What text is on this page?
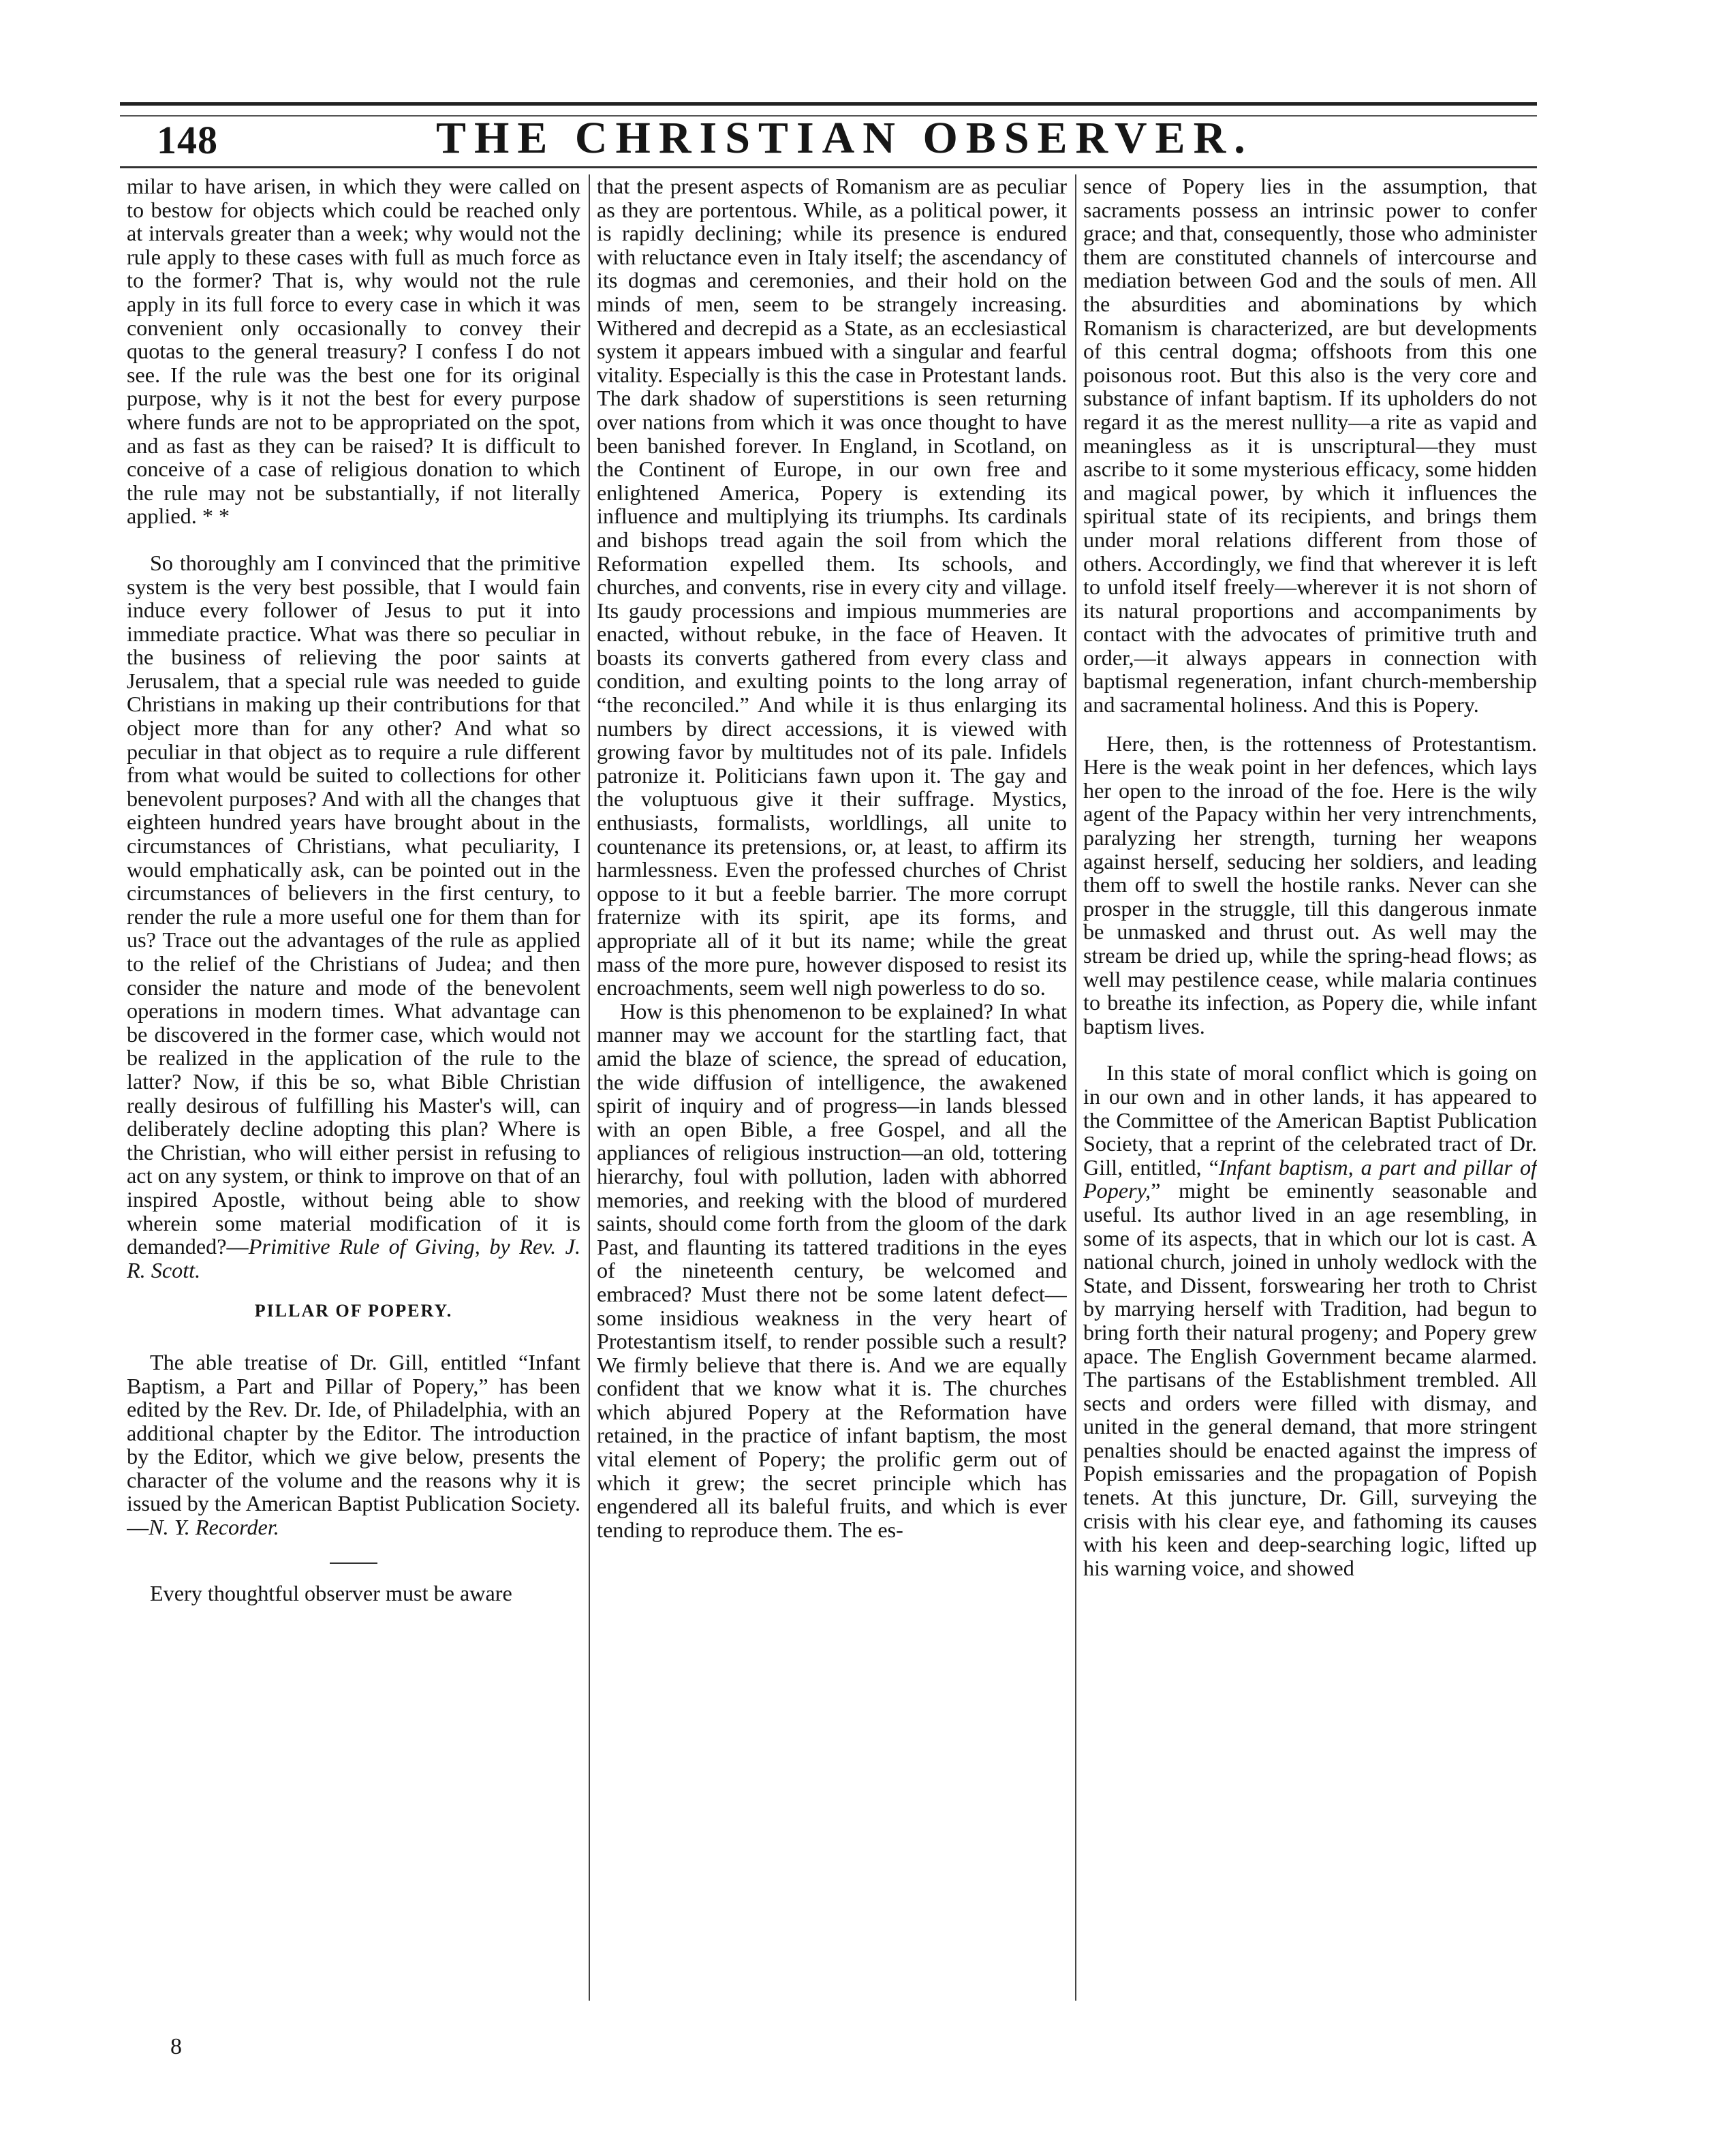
148	THE CHRISTIAN OBSERVER.

milar to have arisen, in which they were called on to bestow for objects which could be reached only at intervals greater than a week; why would not the rule apply to these cases with full as much force as to the former? That is, why would not the rule apply in its full force to every case in which it was convenient only occasionally to convey their quotas to the general treasury? I confess I do not see. If the rule was the best one for its original purpose, why is it not the best for every purpose where funds are not to be appropriated on the spot, and as fast as they can be raised? It is difficult to conceive of a case of religious donation to which the rule may not be substantially, if not literally applied. * *

So thoroughly am I convinced that the primitive system is the very best possible, that I would fain induce every follower of Jesus to put it into immediate practice. What was there so peculiar in the business of relieving the poor saints at Jerusalem, that a special rule was needed to guide Christians in making up their contributions for that object more than for any other? And what so peculiar in that object as to require a rule different from what would be suited to collections for other benevolent purposes? And with all the changes that eighteen hundred years have brought about in the circumstances of Christians, what peculiarity, I would emphatically ask, can be pointed out in the circumstances of believers in the first century, to render the rule a more useful one for them than for us? Trace out the advantages of the rule as applied to the relief of the Christians of Judea; and then consider the nature and mode of the benevolent operations in modern times. What advantage can be discovered in the former case, which would not be realized in the application of the rule to the latter? Now, if this be so, what Bible Christian really desirous of fulfilling his Master's will, can deliberately decline adopting this plan? Where is the Christian, who will either persist in refusing to act on any system, or think to improve on that of an inspired Apostle, without being able to show wherein some material modification of it is demanded?—Primitive Rule of Giving, by Rev. J. R. Scott.

PILLAR OF POPERY.

The able treatise of Dr. Gill, entitled “Infant Baptism, a Part and Pillar of Popery,” has been edited by the Rev. Dr. Ide, of Philadelphia, with an additional chapter by the Editor. The introduction by the Editor, which we give below, presents the character of the volume and the reasons why it is issued by the American Baptist Publication Society.—N. Y. Recorder.

Every thoughtful observer must be aware

that the present aspects of Romanism are as peculiar as they are portentous. While, as a political power, it is rapidly declining; while its presence is endured with reluctance even in Italy itself; the ascendancy of its dogmas and ceremonies, and their hold on the minds of men, seem to be strangely increasing. Withered and decrepid as a State, as an ecclesiastical system it appears imbued with a singular and fearful vitality. Especially is this the case in Protestant lands. The dark shadow of superstitions is seen returning over nations from which it was once thought to have been banished forever. In England, in Scotland, on the Continent of Europe, in our own free and enlightened America, Popery is extending its influence and multiplying its triumphs. Its cardinals and bishops tread again the soil from which the Reformation expelled them. Its schools, and churches, and convents, rise in every city and village. Its gaudy processions and impious mummeries are enacted, without rebuke, in the face of Heaven. It boasts its converts gathered from every class and condition, and exulting points to the long array of “the reconciled.” And while it is thus enlarging its numbers by direct accessions, it is viewed with growing favor by multitudes not of its pale. Infidels patronize it. Politicians fawn upon it. The gay and the voluptuous give it their suffrage. Mystics, enthusiasts, formalists, worldlings, all unite to countenance its pretensions, or, at least, to affirm its harmlessness. Even the professed churches of Christ oppose to it but a feeble barrier. The more corrupt fraternize with its spirit, ape its forms, and appropriate all of it but its name; while the great mass of the more pure, however disposed to resist its encroachments, seem well nigh powerless to do so.

How is this phenomenon to be explained? In what manner may we account for the startling fact, that amid the blaze of science, the spread of education, the wide diffusion of intelligence, the awakened spirit of inquiry and of progress—in lands blessed with an open Bible, a free Gospel, and all the appliances of religious instruction—an old, tottering hierarchy, foul with pollution, laden with abhorred memories, and reeking with the blood of murdered saints, should come forth from the gloom of the dark Past, and flaunting its tattered traditions in the eyes of the nineteenth century, be welcomed and embraced? Must there not be some latent defect—some insidious weakness in the very heart of Protestantism itself, to render possible such a result? We firmly believe that there is. And we are equally confident that we know what it is. The churches which abjured Popery at the Reformation have retained, in the practice of infant baptism, the most vital element of Popery; the prolific germ out of which it grew; the secret principle which has engendered all its baleful fruits, and which is ever tending to reproduce them. The es-

sence of Popery lies in the assumption, that sacraments possess an intrinsic power to confer grace; and that, consequently, those who administer them are constituted channels of intercourse and mediation between God and the souls of men. All the absurdities and abominations by which Romanism is characterized, are but developments of this central dogma; offshoots from this one poisonous root. But this also is the very core and substance of infant baptism. If its upholders do not regard it as the merest nullity—a rite as vapid and meaningless as it is unscriptural—they must ascribe to it some mysterious efficacy, some hidden and magical power, by which it influences the spiritual state of its recipients, and brings them under moral relations different from those of others. Accordingly, we find that wherever it is left to unfold itself freely—wherever it is not shorn of its natural proportions and accompaniments by contact with the advocates of primitive truth and order,—it always appears in connection with baptismal regeneration, infant church-membership and sacramental holiness. And this is Popery.

Here, then, is the rottenness of Protestantism. Here is the weak point in her defences, which lays her open to the inroad of the foe. Here is the wily agent of the Papacy within her very intrenchments, paralyzing her strength, turning her weapons against herself, seducing her soldiers, and leading them off to swell the hostile ranks. Never can she prosper in the struggle, till this dangerous inmate be unmasked and thrust out. As well may the stream be dried up, while the spring-head flows; as well may pestilence cease, while malaria continues to breathe its infection, as Popery die, while infant baptism lives.

In this state of moral conflict which is going on in our own and in other lands, it has appeared to the Committee of the American Baptist Publication Society, that a reprint of the celebrated tract of Dr. Gill, entitled, “Infant baptism, a part and pillar of Popery,” might be eminently seasonable and useful. Its author lived in an age resembling, in some of its aspects, that in which our lot is cast. A national church, joined in unholy wedlock with the State, and Dissent, forswearing her troth to Christ by marrying herself with Tradition, had begun to bring forth their natural progeny; and Popery grew apace. The English Government became alarmed. The partisans of the Establishment trembled. All sects and orders were filled with dismay, and united in the general demand, that more stringent penalties should be enacted against the impress of Popish emissaries and the propagation of Popish tenets. At this juncture, Dr. Gill, surveying the crisis with his clear eye, and fathoming its causes with his keen and deep-searching logic, lifted up his warning voice, and showed

8
